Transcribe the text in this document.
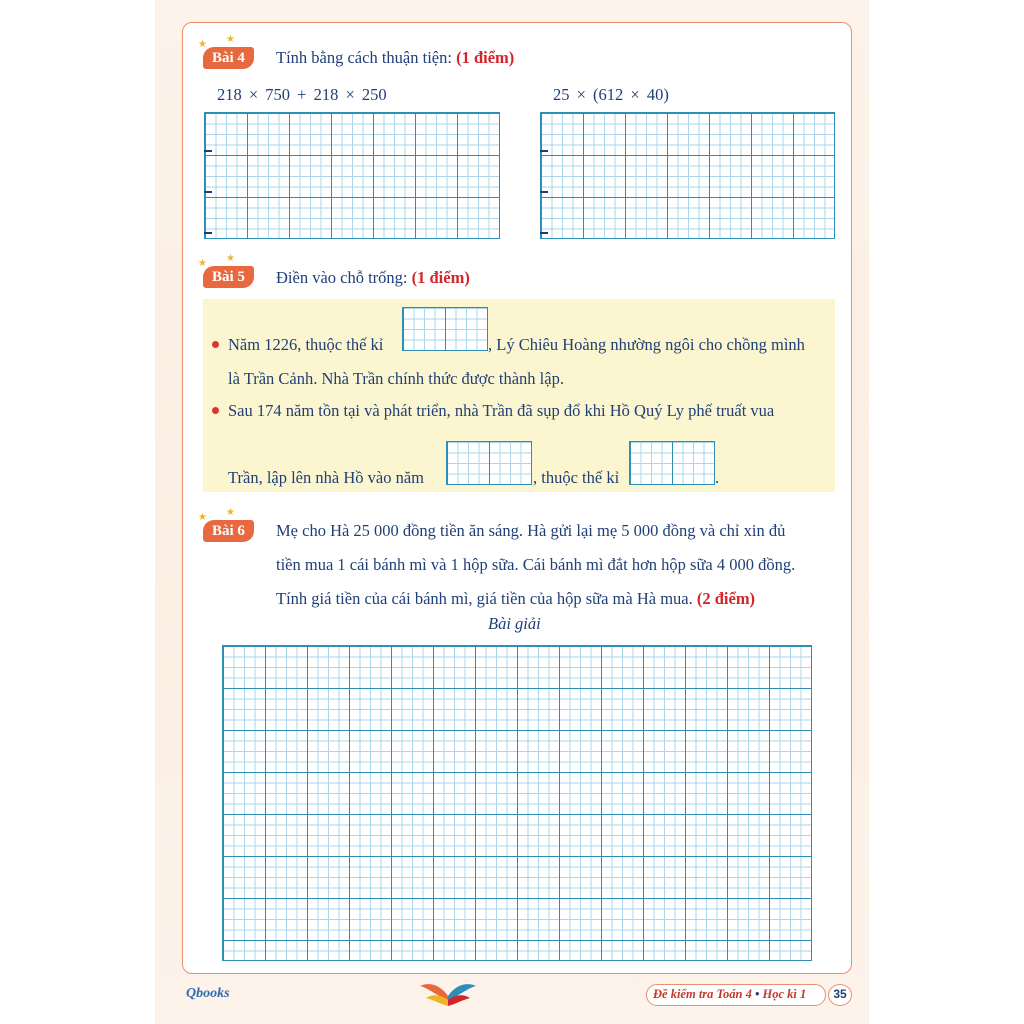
★ ★
Bài 4	Tính bằng cách thuận tiện: (1 điểm)
218 × 750 + 218 × 250	25 × (612 × 40)
★ ★
Bài 5	Điền vào chỗ trống: (1 điểm)
Năm 1226, thuộc thế kỉ	, Lý Chiêu Hoàng nhường ngôi cho chồng mình
là Trần Cảnh. Nhà Trần chính thức được thành lập.
Sau 174 năm tồn tại và phát triển, nhà Trần đã sụp đổ khi Hồ Quý Ly phế truất vua
Trần, lập lên nhà Hồ vào năm	, thuộc thế kỉ	.
★ ★
Bài 6	Mẹ cho Hà 25 000 đồng tiền ăn sáng. Hà gửi lại mẹ 5 000 đồng và chỉ xin đủ
tiền mua 1 cái bánh mì và 1 hộp sữa. Cái bánh mì đắt hơn hộp sữa 4 000 đồng.
Tính giá tiền của cái bánh mì, giá tiền của hộp sữa mà Hà mua. (2 điểm)
Bài giải
Qbooks	Đề kiểm tra Toán 4 • Học kì 1	35
